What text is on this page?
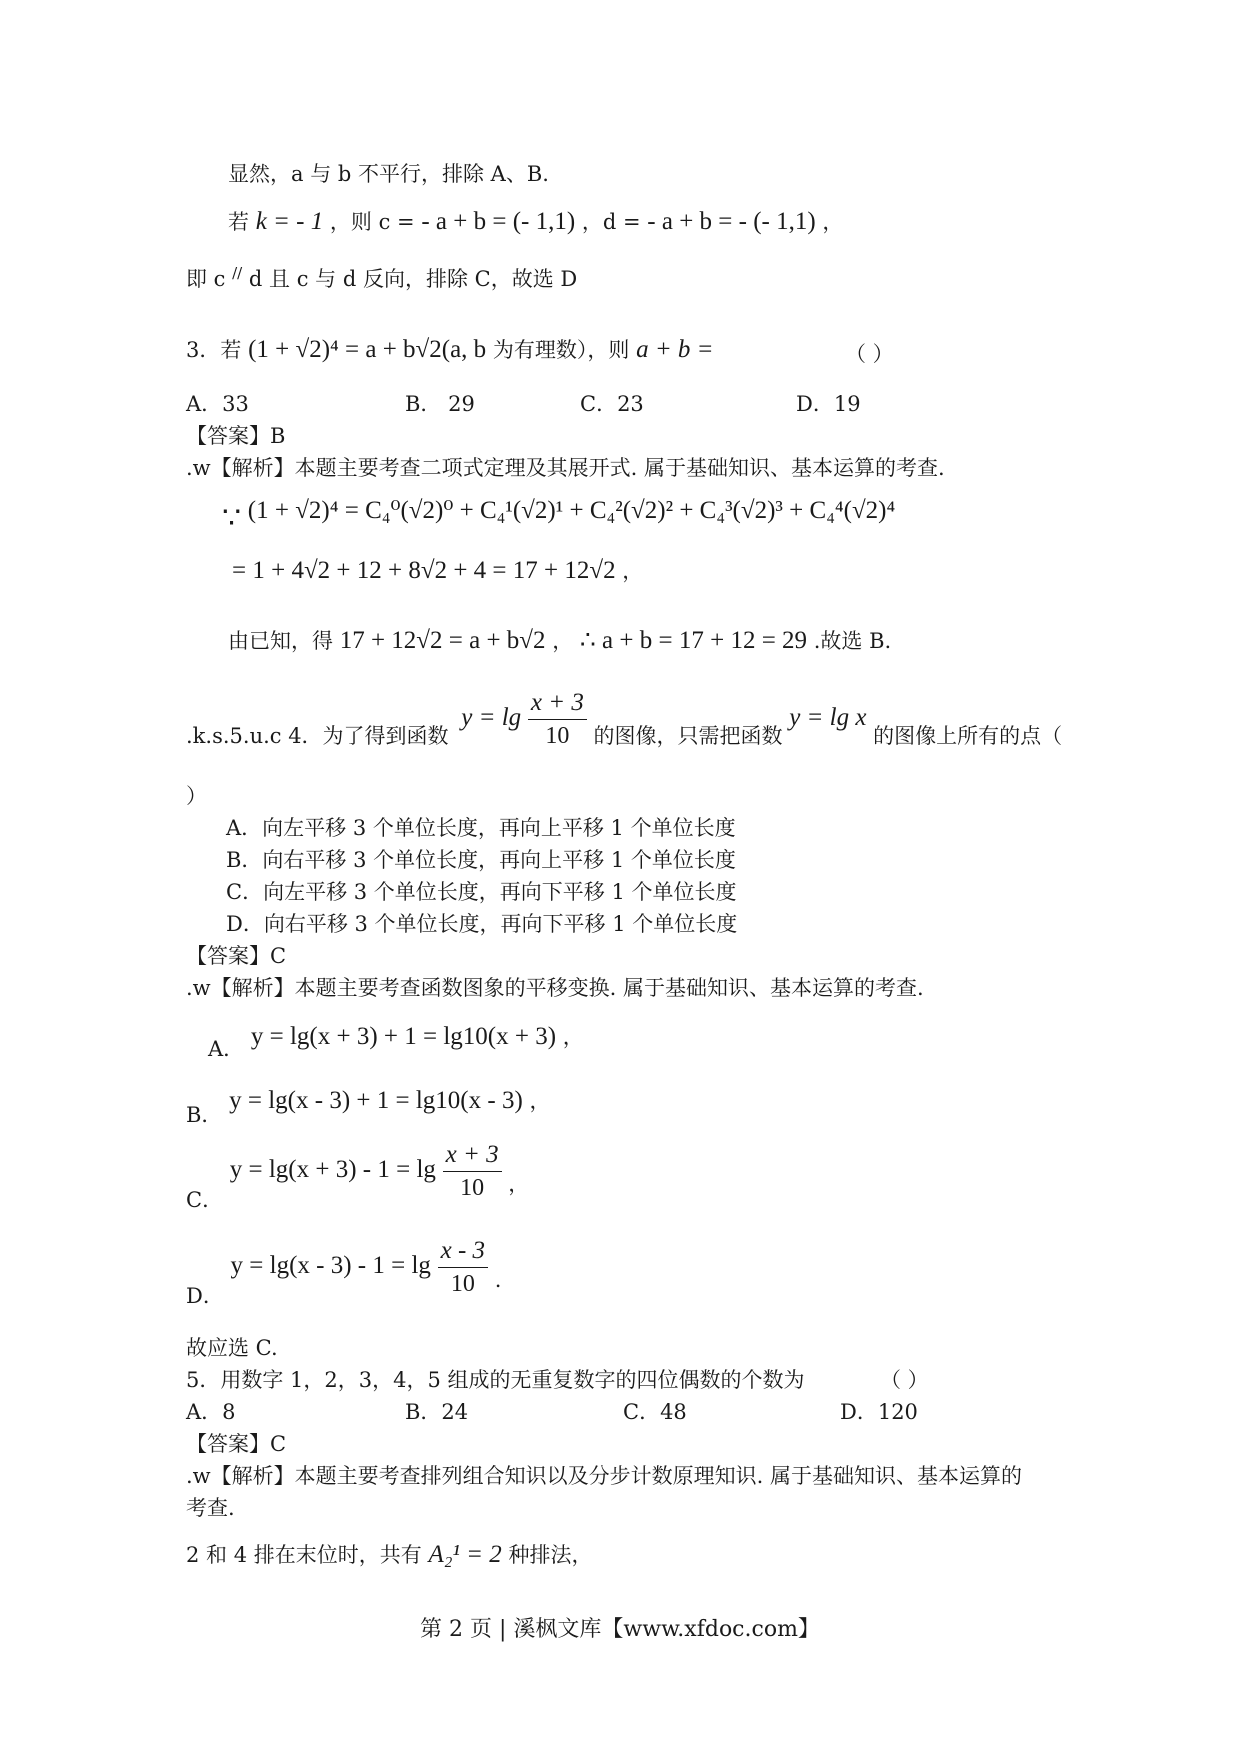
显然，a 与 b 不平行，排除 A、B.
若 k = - 1 ，则 c = - a + b = (- 1,1) ，d = - a + b = - (- 1,1) ，
即 c // d 且 c 与 d 反向，排除 C，故选 D
3．若 (1 + √2)⁴ = a + b√2(a, b 为有理数），则 a + b =	（ ）
A．33	B． 29	C．23	D．19
【答案】B
.w【解析】本题主要考查二项式定理及其展开式. 属于基础知识、基本运算的考查.
∵ (1 + √2)⁴ = C₄⁰(√2)⁰ + C₄¹(√2)¹ + C₄²(√2)² + C₄³(√2)³ + C₄⁴(√2)⁴
= 1 + 4√2 + 12 + 8√2 + 4 = 17 + 12√2 ，
由已知，得 17 + 12√2 = a + b√2 ， ∴ a + b = 17 + 12 = 29 .故选 B.
.k.s.5.u.c 4．为了得到函数 $y = \lg \frac{x + 3}{10}$ 的图像，只需把函数 y = lg x 的图像上所有的点（
）
A．向左平移 3 个单位长度，再向上平移 1 个单位长度
B．向右平移 3 个单位长度，再向上平移 1 个单位长度
C．向左平移 3 个单位长度，再向下平移 1 个单位长度
D．向右平移 3 个单位长度，再向下平移 1 个单位长度
【答案】C
.w【解析】本题主要考查函数图象的平移变换. 属于基础知识、基本运算的考查.
A． y = lg(x + 3) + 1 = lg10(x + 3) ，
B． y = lg(x - 3) + 1 = lg10(x - 3) ，
C． $y = \lg(x + 3) - 1 = \lg \frac{x + 3}{10}$ ，
D． $y = \lg(x - 3) - 1 = \lg \frac{x - 3}{10}$ .
故应选 C.
5．用数字 1，2，3，4，5 组成的无重复数字的四位偶数的个数为	（ ）
A．8	B．24	C．48	D．120
【答案】C
.w【解析】本题主要考查排列组合知识以及分步计数原理知识. 属于基础知识、基本运算的
考查.
2 和 4 排在末位时，共有 A₂¹ = 2 种排法，
第 2 页 | 溪枫文库【www.xfdoc.com】
